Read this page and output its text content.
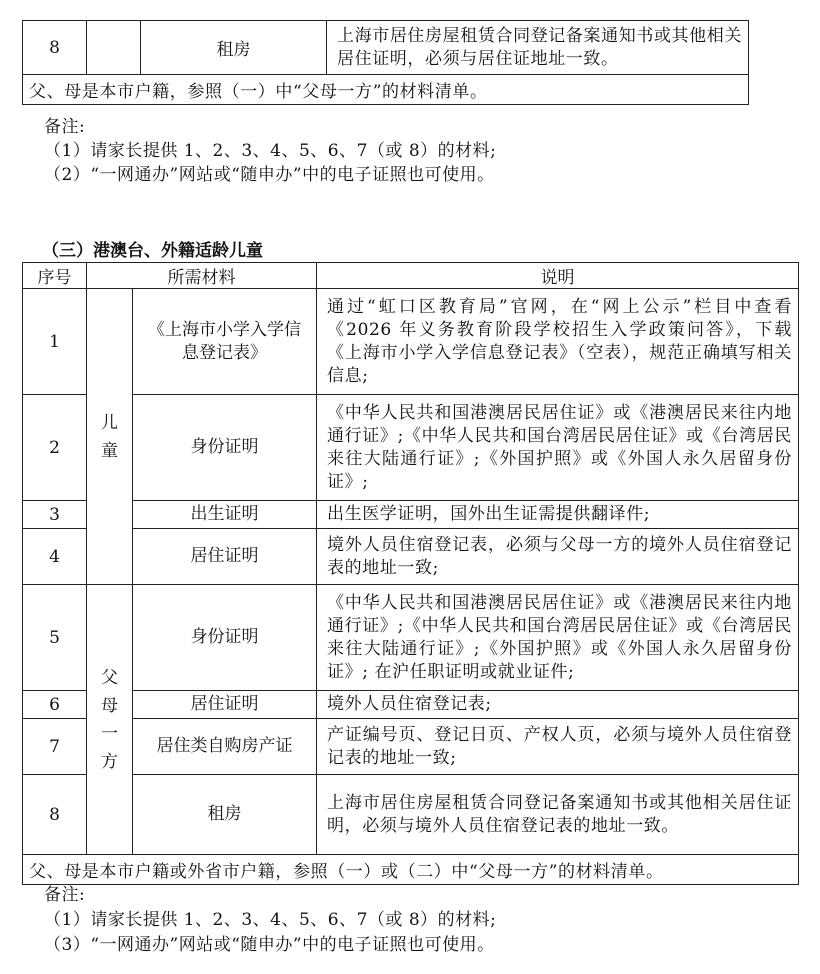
8		租房	上海市居住房屋租赁合同登记备案通知书或其他相关居住证明，必须与居住证地址一致。
父、母是本市户籍，参照（一）中“父母一方”的材料清单。
备注:
（1）请家长提供 1、2、3、4、5、6、7（或 8）的材料;
（2）“一网通办”网站或“随申办”中的电子证照也可使用。
（三）港澳台、外籍适龄儿童
序号	所需材料		说明
1	儿童	《上海市小学入学信息登记表》	通过“虹口区教育局”官网，在“网上公示”栏目中查看《2026 年义务教育阶段学校招生入学政策问答》，下载《上海市小学入学信息登记表》（空表），规范正确填写相关信息;
2		身份证明	《中华人民共和国港澳居民居住证》或《港澳居民来往内地通行证》;《中华人民共和国台湾居民居住证》或《台湾居民来往大陆通行证》;《外国护照》或《外国人永久居留身份证》;
3		出生证明	出生医学证明，国外出生证需提供翻译件;
4		居住证明	境外人员住宿登记表，必须与父母一方的境外人员住宿登记表的地址一致;
5	父母一方	身份证明	《中华人民共和国港澳居民居住证》或《港澳居民来往内地通行证》;《中华人民共和国台湾居民居住证》或《台湾居民来往大陆通行证》;《外国护照》或《外国人永久居留身份证》; 在沪任职证明或就业证件;
6		居住证明	境外人员住宿登记表;
7		居住类自购房产证	产证编号页、登记日页、产权人页，必须与境外人员住宿登记表的地址一致;
8		租房	上海市居住房屋租赁合同登记备案通知书或其他相关居住证明，必须与境外人员住宿登记表的地址一致。
父、母是本市户籍或外省市户籍，参照（一）或（二）中“父母一方”的材料清单。			
备注:
（1）请家长提供 1、2、3、4、5、6、7（或 8）的材料;
（3）“一网通办”网站或“随申办”中的电子证照也可使用。
